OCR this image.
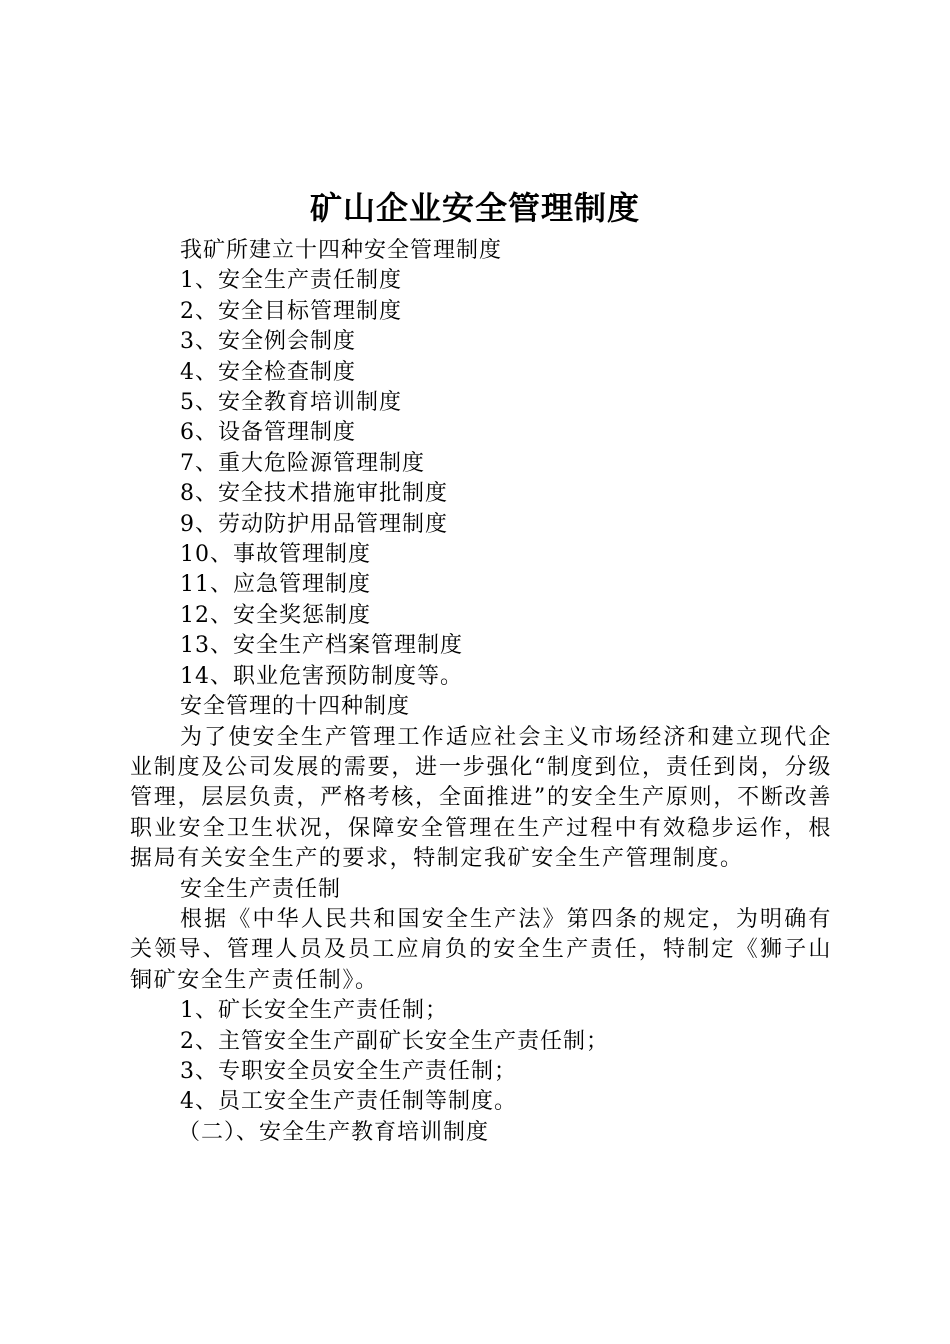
矿山企业安全管理制度

我矿所建立十四种安全管理制度

1、安全生产责任制度

2、安全目标管理制度

3、安全例会制度

4、安全检查制度

5、安全教育培训制度

6、设备管理制度

7、重大危险源管理制度

8、安全技术措施审批制度

9、劳动防护用品管理制度

10、事故管理制度

11、应急管理制度

12、安全奖惩制度

13、安全生产档案管理制度

14、职业危害预防制度等。

安全管理的十四种制度

为了使安全生产管理工作适应社会主义市场经济和建立现代企业制度及公司发展的需要，进一步强化“制度到位，责任到岗，分级管理，层层负责，严格考核，全面推进”的安全生产原则，不断改善职业安全卫生状况，保障安全管理在生产过程中有效稳步运作，根据局有关安全生产的要求，特制定我矿安全生产管理制度。

安全生产责任制

根据《中华人民共和国安全生产法》第四条的规定，为明确有关领导、管理人员及员工应肩负的安全生产责任，特制定《狮子山铜矿安全生产责任制》。

1、矿长安全生产责任制；

2、主管安全生产副矿长安全生产责任制；

3、专职安全员安全生产责任制；

4、员工安全生产责任制等制度。

（二）、安全生产教育培训制度
